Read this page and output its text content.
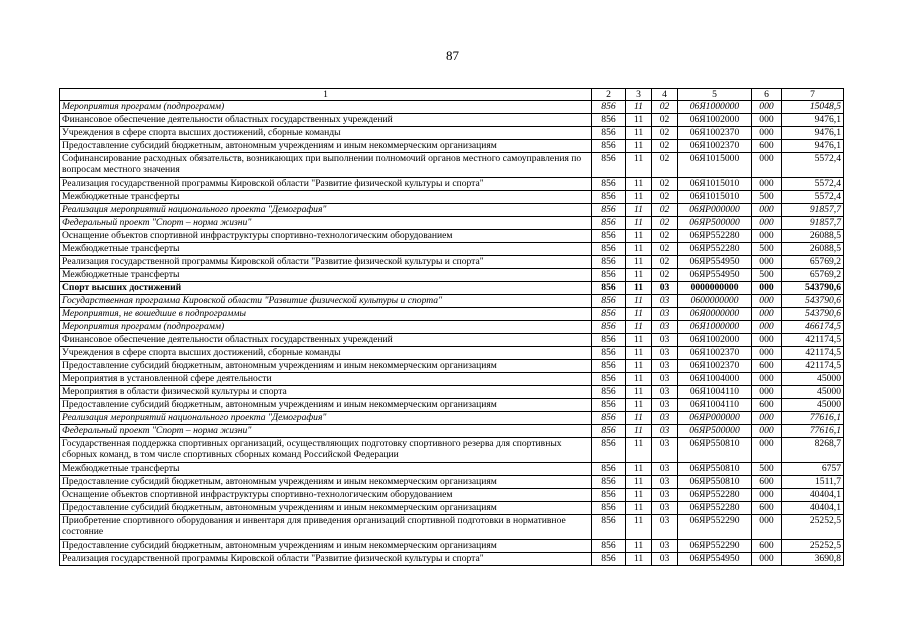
87
1	2	3	4	5	6	7
Мероприятия программ (подпрограмм)	856	11	02	06Я1000000	000	15048,5
Финансовое обеспечение деятельности областных государственных учреждений	856	11	02	06Я1002000	000	9476,1
Учреждения в сфере спорта высших достижений, сборные команды	856	11	02	06Я1002370	000	9476,1
Предоставление субсидий бюджетным, автономным учреждениям и иным некоммерческим организациям	856	11	02	06Я1002370	600	9476,1
Софинансирование расходных обязательств, возникающих при выполнении полномочий органов местного самоуправления по вопросам местного значения	856	11	02	06Я1015000	000	5572,4
Реализация государственной программы Кировской области "Развитие физической культуры и спорта"	856	11	02	06Я1015010	000	5572,4
Межбюджетные трансферты	856	11	02	06Я1015010	500	5572,4
Реализация мероприятий национального проекта "Демография"	856	11	02	06ЯР000000	000	91857,7
Федеральный проект "Спорт – норма жизни"	856	11	02	06ЯР500000	000	91857,7
Оснащение объектов спортивной инфраструктуры спортивно-технологическим оборудованием	856	11	02	06ЯР552280	000	26088,5
Межбюджетные трансферты	856	11	02	06ЯР552280	500	26088,5
Реализация государственной программы Кировской области "Развитие физической культуры и спорта"	856	11	02	06ЯР554950	000	65769,2
Межбюджетные трансферты	856	11	02	06ЯР554950	500	65769,2
Спорт высших достижений	856	11	03	0000000000	000	543790,6
Государственная программа Кировской области "Развитие физической культуры и спорта"	856	11	03	0600000000	000	543790,6
Мероприятия, не вошедшие в подпрограммы	856	11	03	06Я0000000	000	543790,6
Мероприятия программ (подпрограмм)	856	11	03	06Я1000000	000	466174,5
Финансовое обеспечение деятельности областных государственных учреждений	856	11	03	06Я1002000	000	421174,5
Учреждения в сфере спорта высших достижений, сборные команды	856	11	03	06Я1002370	000	421174,5
Предоставление субсидий бюджетным, автономным учреждениям и иным некоммерческим организациям	856	11	03	06Я1002370	600	421174,5
Мероприятия в установленной сфере деятельности	856	11	03	06Я1004000	000	45000
Мероприятия в области физической культуры и спорта	856	11	03	06Я1004110	000	45000
Предоставление субсидий бюджетным, автономным учреждениям и иным некоммерческим организациям	856	11	03	06Я1004110	600	45000
Реализация мероприятий национального проекта "Демография"	856	11	03	06ЯР000000	000	77616,1
Федеральный проект "Спорт – норма жизни"	856	11	03	06ЯР500000	000	77616,1
Государственная поддержка спортивных организаций, осуществляющих подготовку спортивного резерва для спортивных сборных команд, в том числе спортивных сборных команд Российской Федерации	856	11	03	06ЯР550810	000	8268,7
Межбюджетные трансферты	856	11	03	06ЯР550810	500	6757
Предоставление субсидий бюджетным, автономным учреждениям и иным некоммерческим организациям	856	11	03	06ЯР550810	600	1511,7
Оснащение объектов спортивной инфраструктуры спортивно-технологическим оборудованием	856	11	03	06ЯР552280	000	40404,1
Предоставление субсидий бюджетным, автономным учреждениям и иным некоммерческим организациям	856	11	03	06ЯР552280	600	40404,1
Приобретение спортивного оборудования и инвентаря для приведения организаций спортивной подготовки в нормативное состояние	856	11	03	06ЯР552290	000	25252,5
Предоставление субсидий бюджетным, автономным учреждениям и иным некоммерческим организациям	856	11	03	06ЯР552290	600	25252,5
Реализация государственной программы Кировской области "Развитие физической культуры и спорта"	856	11	03	06ЯР554950	000	3690,8
